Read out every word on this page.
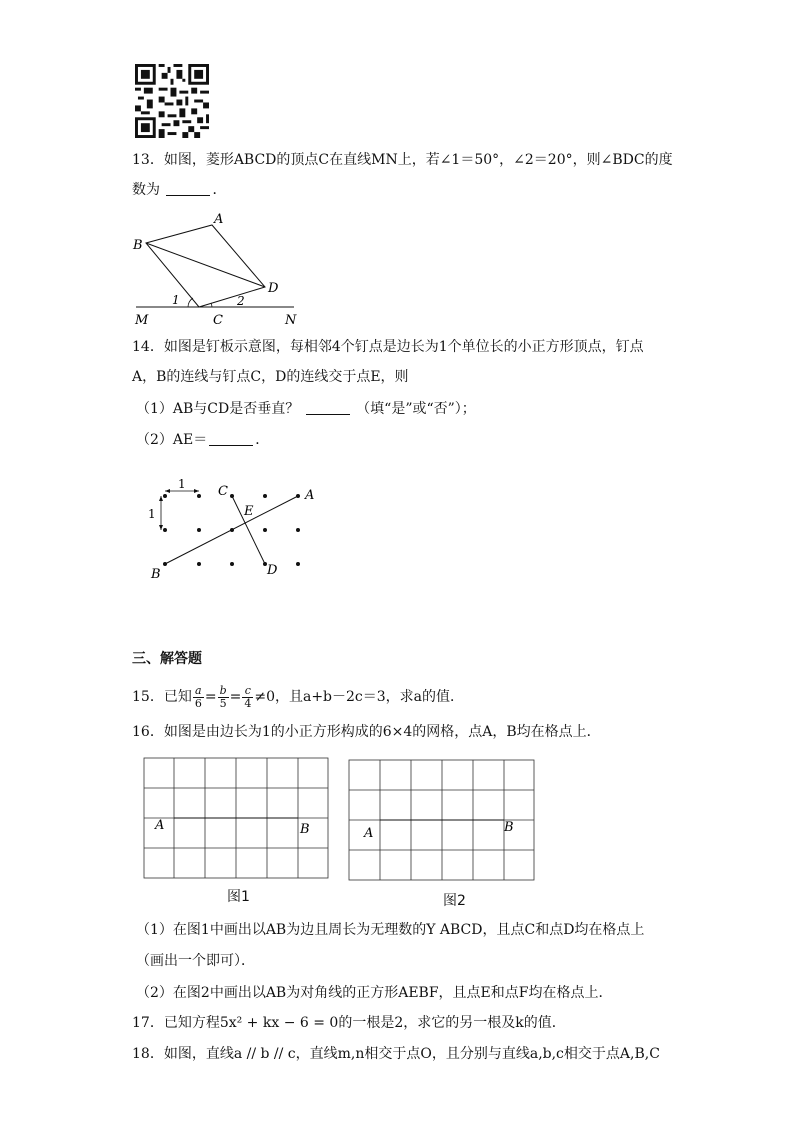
13．如图，菱形ABCD的顶点C在直线MN上，若∠1＝50°，∠2＝20°，则∠BDC的度
数为	．
A
B
C
D
M	N
1	2
14．如图是钉板示意图，每相邻4个钉点是边长为1个单位长的小正方形顶点，钉点
A，B的连线与钉点C，D的连线交于点E，则
（1）AB与CD是否垂直？	（填“是”或“否”）；
（2）AE＝	．
1
1
C	A
E
B	D
三、解答题
15．已知 $\frac{a}{6} = \frac{b}{5} = \frac{c}{4} \ne 0$，且a+b－2c＝3，求a的值．
16．如图是由边长为1的小正方形构成的6×4的网格，点A，B均在格点上．
A	B
图1
A	B
图2
（1）在图1中画出以AB为边且周长为无理数的Y ABCD，且点C和点D均在格点上
（画出一个即可）．
（2）在图2中画出以AB为对角线的正方形AEBF，且点E和点F均在格点上．
17．已知方程5x² + kx − 6 = 0的一根是2，求它的另一根及k的值．
18．如图，直线a // b // c，直线m,n相交于点O，且分别与直线a,b,c相交于点A,B,C
